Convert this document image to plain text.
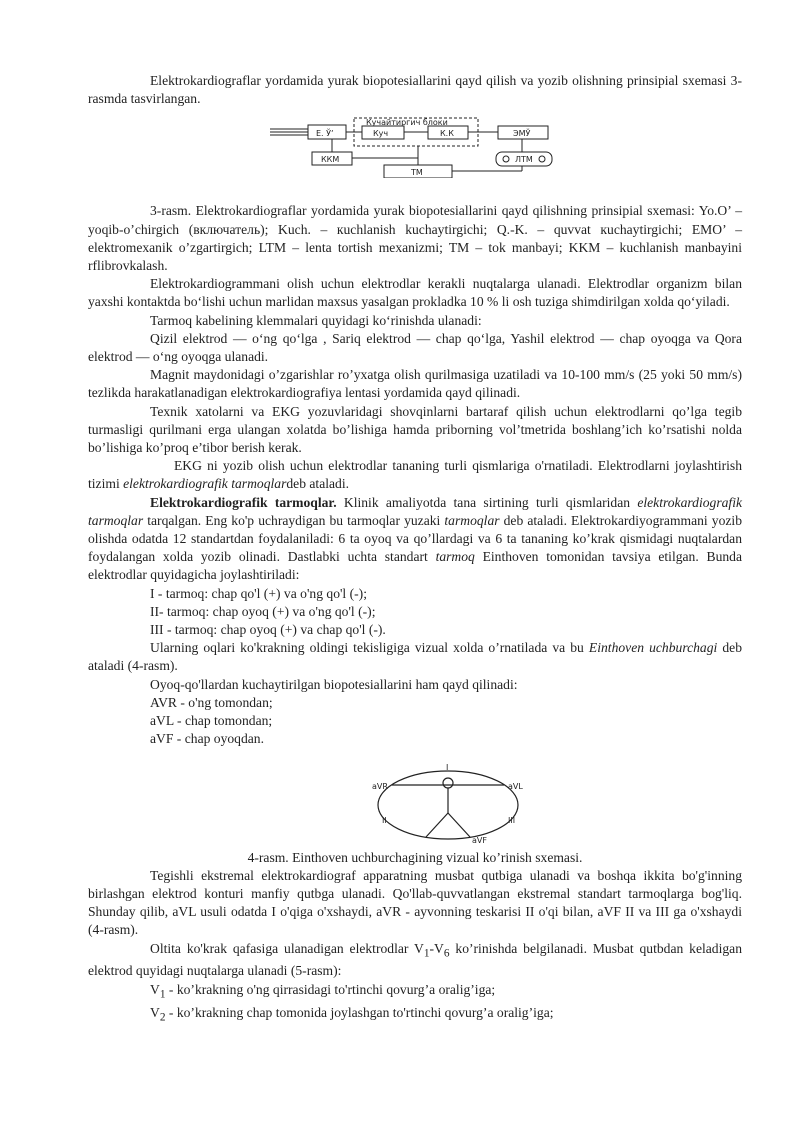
Elektrokardiograflar yordamida yurak biopotesiallarini qayd qilish va yozib olishning prinsipial sxemasi 3-rasmda tasvirlangan.

Кучайтиргич блоки
Е. Ўʼ	Куч	К.К	ЭМЎ
ККМ
ТМ
ЛТМ

3-rasm. Elektrokardiograflar yordamida yurak biopotesiallarini qayd qilishning prinsipial sxemasi: Yo.O’ –yoqib-o’chirgich (включатель); Kuch. – кuchlanish kuchaytirgichi; Q.-K. – quvvat кuchaytirgichi; EMO’ – elektromexanik o’zgartirgich; LTM – lenta tortish mexanizmi; TM – tok manbayi; KKM – kuchlanish manbayini rflibrovkalash.

Elektrokardiogrammani olish uchun elektrodlar kerakli nuqtalarga ulanadi. Elektrodlar organizm bilan yaxshi kontaktda boʻlishi uchun marlidan maxsus yasalgan prokladka 10 % li osh tuziga shimdirilgan xolda qoʻyiladi.

Tarmoq kabelining klemmalari quyidagi koʻrinishda ulanadi:

Qizil elektrod — oʻng qoʻlga , Sariq elektrod — chap qoʻlga, Yashil elektrod — chap oyoqga va Qora elektrod — oʻng oyoqga ulanadi.

Magnit maydonidagi o’zgarishlar ro’yxatga olish qurilmasiga uzatiladi va 10-100 mm/s (25 yoki 50 mm/s) tezlikda harakatlanadigan elektrokardiografiya lentasi yordamida qayd qilinadi.

Texnik xatolarni va EKG yozuvlaridagi shovqinlarni bartaraf qilish uchun elektrodlarni qo’lga tegib turmasligi qurilmani erga ulangan xolatda bo’lishiga hamda priborning vol’tmetrida boshlang’ich ko’rsatishi nolda bo’lishiga ko’proq e’tibor berish kerak.

EKG ni yozib olish uchun elektrodlar tananing turli qismlariga o'rnatiladi. Elektrodlarni joylashtirish tizimi elektrokardiografik tarmoqlardeb ataladi.

Elektrokardiografik tarmoqlar. Klinik amaliyotda tana sirtining turli qismlaridan elektrokardiografik tarmoqlar tarqalgan. Eng ko'p uchraydigan bu tarmoqlar yuzaki tarmoqlar deb ataladi. Elektrokardiyogrammani yozib olishda odatda 12 standartdan foydalaniladi: 6 ta oyoq va qo’llardagi va 6 ta tananing ko’krak qismidagi nuqtalardan foydalangan xolda yozib olinadi. Dastlabki uchta standart tarmoq Einthoven tomonidan tavsiya etilgan. Bunda elektrodlar quyidagicha joylashtiriladi:

I - tarmoq: chap qo'l (+) va o'ng qo'l (-);

II- tarmoq: chap oyoq (+) va o'ng qo'l (-);

III - tarmoq: chap oyoq (+) va chap qo'l (-).

Ularning oqlari ko'krakning oldingi tekisligiga vizual xolda o’rnatilada va bu Einthoven uchburchagi deb ataladi (4-rasm).

Oyoq-qo'llardan kuchaytirilgan biopotesiallarini ham qayd qilinadi:

AVR - o'ng tomondan;

aVL - chap tomondan;

aVF - chap oyoqdan.

I
aVR	aVL
II	III
aVF

4-rasm. Einthoven uchburchagining vizual ko’rinish sxemasi.

Tegishli ekstremal elektrokardiograf apparatning musbat qutbiga ulanadi va boshqa ikkita bo'g'inning birlashgan elektrod konturi manfiy qutbga ulanadi. Qo'llab-quvvatlangan ekstremal standart tarmoqlarga bog'liq. Shunday qilib, aVL usuli odatda I o'qiga o'xshaydi, aVR - ayvonning teskarisi II o'qi bilan, aVF II va III ga o'xshaydi (4-rasm).

Oltita ko'krak qafasiga ulanadigan elektrodlar $V_1-V_6$ ko’rinishda belgilanadi. Musbat qutbdan keladigan elektrod quyidagi nuqtalarga ulanadi (5-rasm):

$V_1$ - ko’krakning o'ng qirrasidagi to'rtinchi qovurg’a oralig’iga;

$V_2$ - ko’krakning chap tomonida joylashgan to'rtinchi qovurg’a oralig’iga;
